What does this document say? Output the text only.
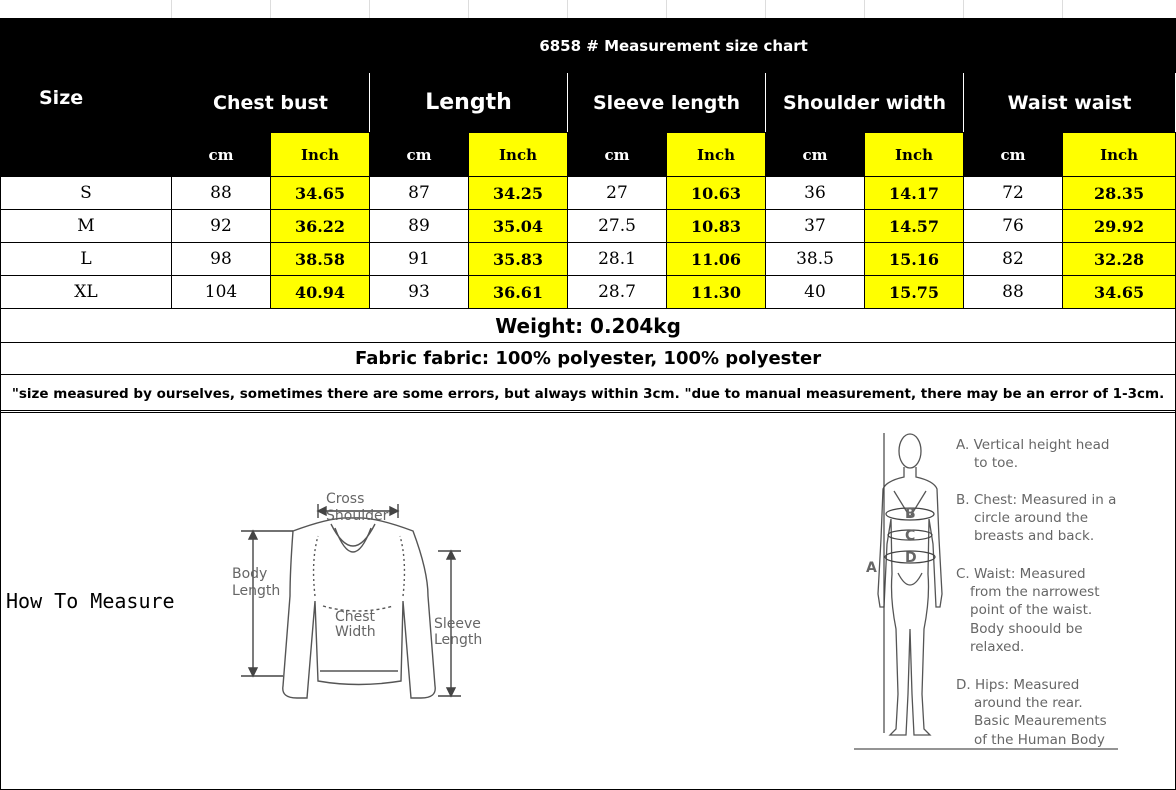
Size	6858 # Measurement size chart									
	Chest bust		Length		Sleeve length		Shoulder width		Waist waist	
	cm	Inch	cm	Inch	cm	Inch	cm	Inch	cm	Inch
S	88	34.65	87	34.25	27	10.63	36	14.17	72	28.35
M	92	36.22	89	35.04	27.5	10.83	37	14.57	76	29.92
L	98	38.58	91	35.83	28.1	11.06	38.5	15.16	82	32.28
XL	104	40.94	93	36.61	28.7	11.30	40	15.75	88	34.65
Weight: 0.204kg										
Fabric fabric: 100% polyester, 100% polyester										
"size measured by ourselves, sometimes there are some errors, but always within 3cm. "due to manual measurement, there may be an error of 1-3cm.										
How To Measure
Cross
Shoulder
Body
Length
Chest
Width	Sleeve
Length
A
B
C
D
A. Vertical height head
to toe.
B. Chest: Measured in a
circle around the
breasts and back.
C. Waist: Measured
from the narrowest
point of the waist.
Body shoould be
relaxed.
D. Hips: Measured
around the rear.
Basic Meaurements
of the Human Body
